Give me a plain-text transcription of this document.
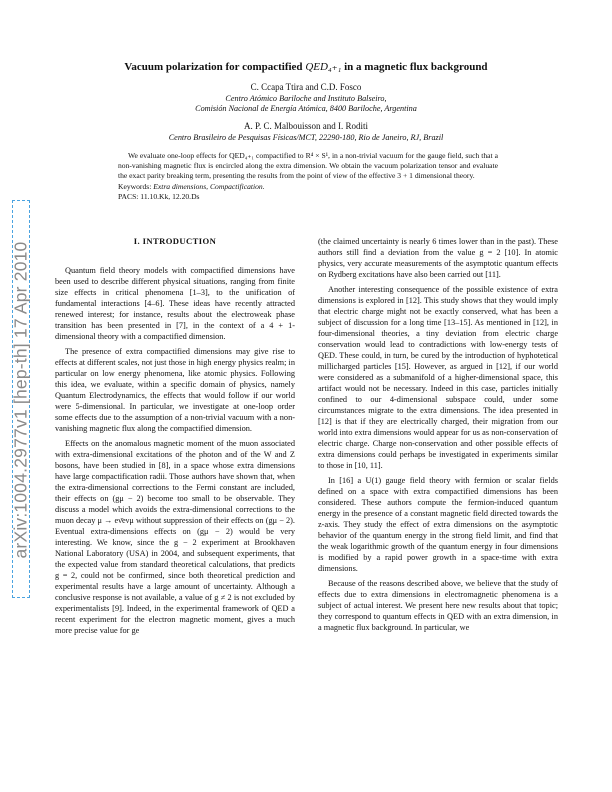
arXiv:1004.2977v1 [hep-th] 17 Apr 2010
Vacuum polarization for compactified QED₄₊₁ in a magnetic flux background
C. Ccapa Ttira and C.D. Fosco
Centro Atómico Bariloche and Instituto Balseiro,
Comisión Nacional de Energía Atómica, 8400 Bariloche, Argentina
A. P. C. Malbouisson and I. Roditi
Centro Brasileiro de Pesquisas Físicas/MCT, 22290-180, Rio de Janeiro, RJ, Brazil

We evaluate one-loop effects for QED₄₊₁ compactified to R⁴ × S¹, in a non-trivial vacuum for the gauge field, such that a non-vanishing magnetic flux is encircled along the extra dimension. We obtain the vacuum polarization tensor and evaluate the exact parity breaking term, presenting the results from the point of view of the effective 3 + 1 dimensional theory.

Keywords: Extra dimensions, Compactification.
PACS: 11.10.Kk, 12.20.Ds
I. INTRODUCTION

Quantum field theory models with compactified dimensions have been used to describe different physical situations, ranging from finite size effects in critical phenomena [1–3], to the unification of fundamental interactions [4–6]. These ideas have recently attracted renewed interest; for instance, results about the electroweak phase transition has been presented in [7], in the context of a 4 + 1-dimensional theory with a compactified dimension.

The presence of extra compactified dimensions may give rise to effects at different scales, not just those in high energy physics realm; in particular on low energy phenomena, like atomic physics. Following this idea, we evaluate, within a specific domain of physics, namely Quantum Electrodynamics, the effects that would follow if our world were 5-dimensional. In particular, we investigate at one-loop order some effects due to the assumption of a non-trivial vacuum with a non-vanishing magnetic flux along the compactified dimension.

Effects on the anomalous magnetic moment of the muon associated with extra-dimensional excitations of the photon and of the W and Z bosons, have been studied in [8], in a space whose extra dimensions have large compactification radii. Those authors have shown that, when the extra-dimensional corrections to the Fermi constant are included, their effects on (gμ − 2) become too small to be observable. They discuss a model which avoids the extra-dimensional corrections to the muon decay μ → eν̄eνμ without suppression of their effects on (gμ − 2). Eventual extra-dimensions effects on (gμ − 2) would be very interesting. We know, since the g − 2 experiment at Brookhaven National Laboratory (USA) in 2004, and subsequent experiments, that the expected value from standard theoretical calculations, that predicts g = 2, could not be confirmed, since both theoretical prediction and experimental results have a large amount of uncertainty. Although a conclusive response is not available, a value of g ≠ 2 is not excluded by experimentalists [9]. Indeed, in the experimental framework of QED a recent experiment for the electron magnetic moment, gives a much more precise value for ge

(the claimed uncertainty is nearly 6 times lower than in the past). These authors still find a deviation from the value g = 2 [10]. In atomic physics, very accurate measurements of the asymptotic quantum effects on Rydberg excitations have also been carried out [11].

Another interesting consequence of the possible existence of extra dimensions is explored in [12]. This study shows that they would imply that electric charge might not be exactly conserved, what has been a subject of discussion for a long time [13–15]. As mentioned in [12], in four-dimensional theories, a tiny deviation from electric charge conservation would lead to contradictions with low-energy tests of QED. These could, in turn, be cured by the introduction of hyphotetical millicharged particles [15]. However, as argued in [12], if our world were considered as a submanifold of a higher-dimensional space, this artifact would not be necessary. Indeed in this case, particles initially confined to our 4-dimensional subspace could, under some circumstances migrate to the extra dimensions. The idea presented in [12] is that if they are electrically charged, their migration from our world into extra dimensions would appear for us as non-conservation of electric charge. Charge non-conservation and other possible effects of extra dimensions could perhaps be investigated in experiments similar to those in [10, 11].

In [16] a U(1) gauge field theory with fermion or scalar fields defined on a space with extra compactified dimensions has been considered. These authors compute the fermion-induced quantum energy in the presence of a constant magnetic field directed towards the z-axis. They study the effect of extra dimensions on the asymptotic behavior of the quantum energy in the strong field limit, and find that the weak logarithmic growth of the quantum energy in four dimensions is modified by a rapid power growth in a space-time with extra dimensions.

Because of the reasons described above, we believe that the study of effects due to extra dimensions in electromagnetic phenomena is a subject of actual interest. We present here new results about that topic; they correspond to quantum effects in QED with an extra dimension, in a magnetic flux background. In particular, we
